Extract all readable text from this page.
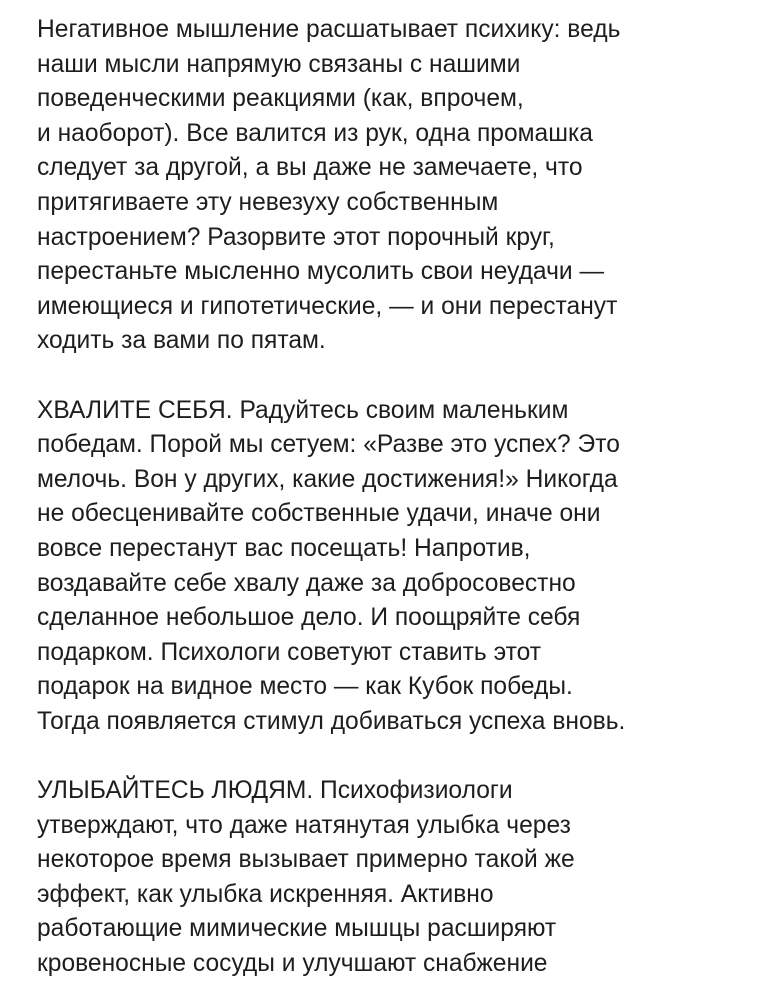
Негативное мышление расшатывает психику: ведь
наши мысли напрямую связаны с нашими
поведенческими реакциями (как, впрочем,
и наоборот). Все валится из рук, одна промашка
следует за другой, а вы даже не замечаете, что
притягиваете эту невезуху собственным
настроением? Разорвите этот порочный круг,
перестаньте мысленно мусолить свои неудачи —
имеющиеся и гипотетические, — и они перестанут
ходить за вами по пятам.

ХВАЛИТЕ СЕБЯ. Радуйтесь своим маленьким
победам. Порой мы сетуем: «Разве это успех? Это
мелочь. Вон у других, какие достижения!» Никогда
не обесценивайте собственные удачи, иначе они
вовсе перестанут вас посещать! Напротив,
воздавайте себе хвалу даже за добросовестно
сделанное небольшое дело. И поощряйте себя
подарком. Психологи советуют ставить этот
подарок на видное место — как Кубок победы.
Тогда появляется стимул добиваться успеха вновь.

УЛЫБАЙТЕСЬ ЛЮДЯМ. Психофизиологи
утверждают, что даже натянутая улыбка через
некоторое время вызывает примерно такой же
эффект, как улыбка искренняя. Активно
работающие мимические мышцы расширяют
кровеносные сосуды и улучшают снабжение
